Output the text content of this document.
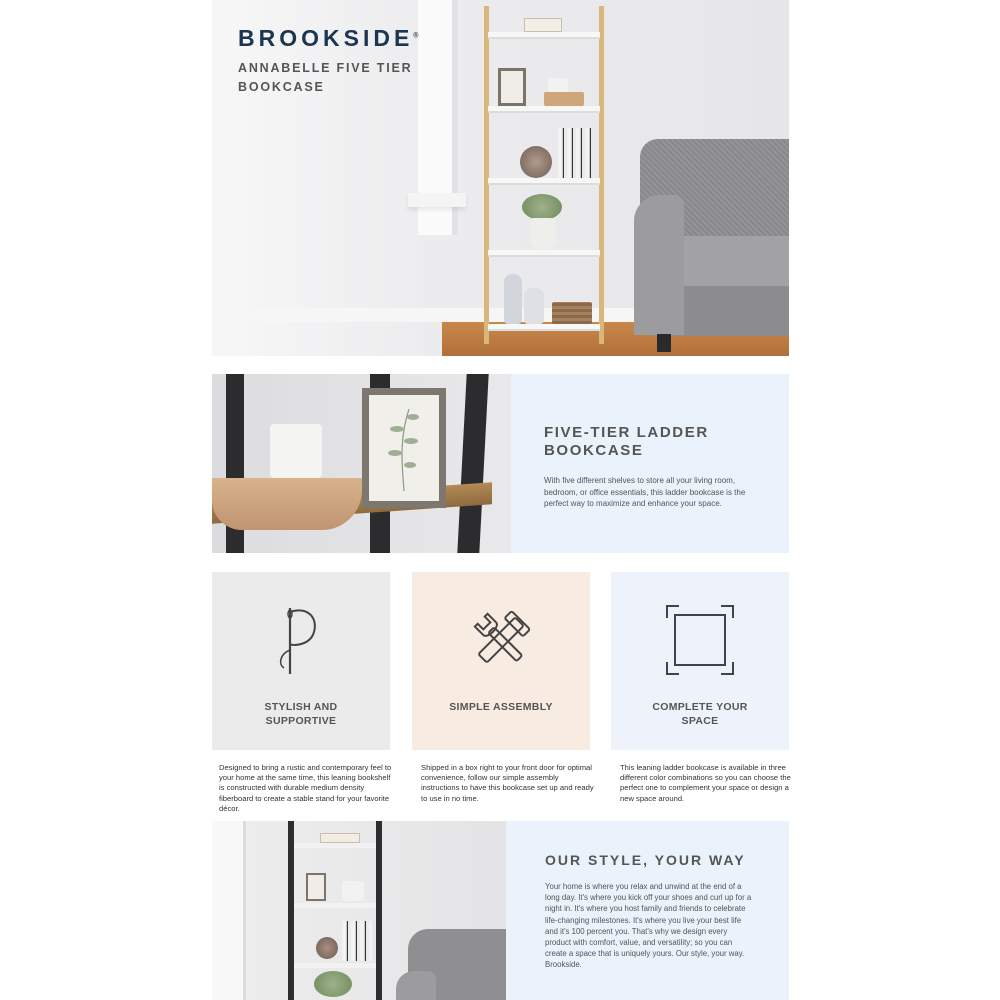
BROOKSIDE®
ANNABELLE FIVE TIER
BOOKCASE
FIVE-TIER LADDER
BOOKCASE
With five different shelves to store all your living room, bedroom, or office essentials, this ladder bookcase is the perfect way to maximize and enhance your space.
STYLISH AND
SUPPORTIVE
SIMPLE ASSEMBLY	COMPLETE YOUR
SPACE
Designed to bring a rustic and contemporary feel to your home at the same time, this leaning bookshelf is constructed with durable medium density fiberboard to create a stable stand for your favorite décor.
Shipped in a box right to your front door for optimal convenience, follow our simple assembly instructions to have this bookcase set up and ready to use in no time.
This leaning ladder bookcase is available in three different color combinations so you can choose the perfect one to complement your space or design a new space around.
OUR STYLE, YOUR WAY
Your home is where you relax and unwind at the end of a long day. It's where you kick off your shoes and curl up for a night in. It's where you host family and friends to celebrate life-changing milestones. It's where you live your best life and it's 100 percent you. That's why we design every product with comfort, value, and versatility; so you can create a space that is uniquely yours. Our style, your way. Brookside.
